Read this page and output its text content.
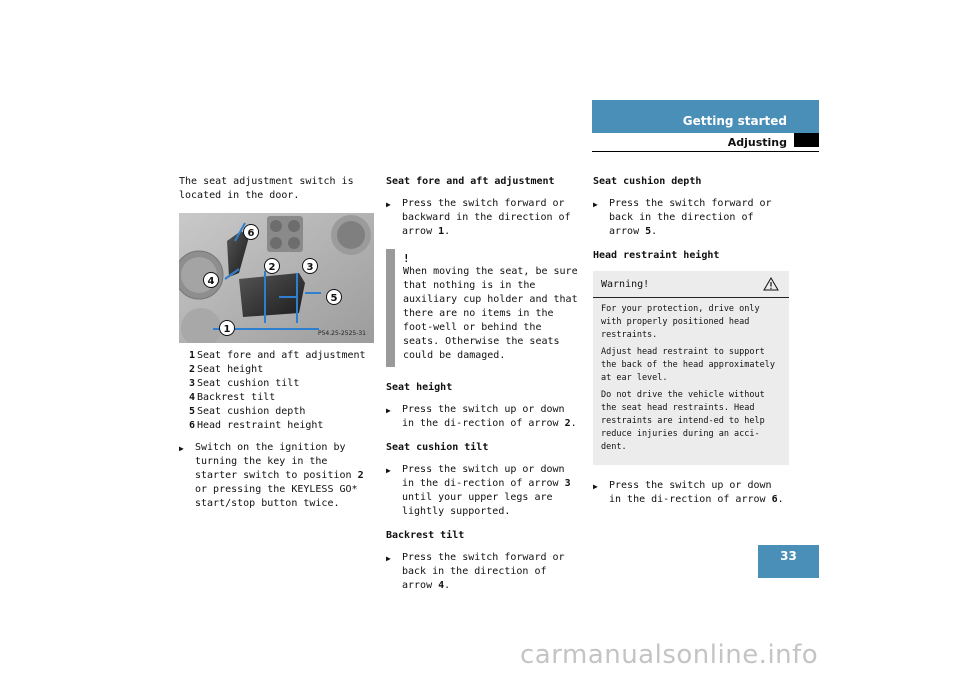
Getting started
Adjusting

The seat adjustment switch is located in the door.

6
4
2	3
5
1	P54.25-2525-31
1 Seat fore and aft adjustment
2 Seat height
3 Seat cushion tilt
4 Backrest tilt
5 Seat cushion depth
6 Head restraint height
▶ Switch on the ignition by turning the key in the starter switch to position 2 or pressing the KEYLESS GO* start/stop button twice.
Seat fore and aft adjustment
▶ Press the switch forward or backward in the direction of arrow 1.
!
When moving the seat, be sure that nothing is in the auxiliary cup holder and that there are no items in the foot-well or behind the seats. Otherwise the seats could be damaged.
Seat height
▶ Press the switch up or down in the di-rection of arrow 2.
Seat cushion tilt
▶ Press the switch up or down in the di-rection of arrow 3 until your upper legs are lightly supported.
Backrest tilt
▶ Press the switch forward or back in the direction of arrow 4.
Seat cushion depth
▶ Press the switch forward or back in the direction of arrow 5.
Head restraint height
Warning!
For your protection, drive only with properly positioned head restraints.
Adjust head restraint to support the back of the head approximately at ear level.
Do not drive the vehicle without the seat head restraints. Head restraints are intend-ed to help reduce injuries during an acci-dent.
▶ Press the switch up or down in the di-rection of arrow 6.
33
carmanualsonline.info
